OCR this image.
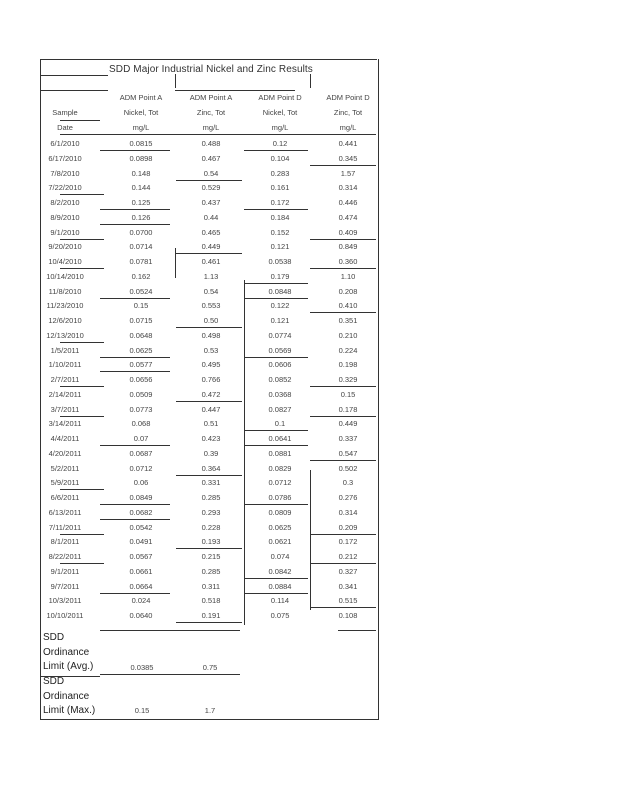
SDD Major Industrial Nickel and Zinc Results
ADM Point A	ADM Point A	ADM Point D	ADM Point D
Sample	Nickel, Tot	Zinc, Tot	Nickel, Tot	Zinc, Tot
Date	mg/L	mg/L	mg/L	mg/L
6/1/2010	0.0815	0.488	0.12	0.441
6/17/2010	0.0898	0.467	0.104	0.345
7/8/2010	0.148	0.54	0.283	1.57
7/22/2010	0.144	0.529	0.161	0.314
8/2/2010	0.125	0.437	0.172	0.446
8/9/2010	0.126	0.44	0.184	0.474
9/1/2010	0.0700	0.465	0.152	0.409
9/20/2010	0.0714	0.449	0.121	0.849
10/4/2010	0.0781	0.461	0.0538	0.360
10/14/2010	0.162	1.13	0.179	1.10
11/8/2010	0.0524	0.54	0.0848	0.208
11/23/2010	0.15	0.553	0.122	0.410
12/6/2010	0.0715	0.50	0.121	0.351
12/13/2010	0.0648	0.498	0.0774	0.210
1/5/2011	0.0625	0.53	0.0569	0.224
1/10/2011	0.0577	0.495	0.0606	0.198
2/7/2011	0.0656	0.766	0.0852	0.329
2/14/2011	0.0509	0.472	0.0368	0.15
3/7/2011	0.0773	0.447	0.0827	0.178
3/14/2011	0.068	0.51	0.1	0.449
4/4/2011	0.07	0.423	0.0641	0.337
4/20/2011	0.0687	0.39	0.0881	0.547
5/2/2011	0.0712	0.364	0.0829	0.502
5/9/2011	0.06	0.331	0.0712	0.3
6/6/2011	0.0849	0.285	0.0786	0.276
6/13/2011	0.0682	0.293	0.0809	0.314
7/11/2011	0.0542	0.228	0.0625	0.209
8/1/2011	0.0491	0.193	0.0621	0.172
8/22/2011	0.0567	0.215	0.074	0.212
9/1/2011	0.0661	0.285	0.0842	0.327
9/7/2011	0.0664	0.311	0.0884	0.341
10/3/2011	0.024	0.518	0.114	0.515
10/10/2011	0.0640	0.191	0.075	0.108
SDD
Ordinance
Limit (Avg.)	0.0385	0.75
SDD
Ordinance
Limit (Max.)	0.15	1.7
